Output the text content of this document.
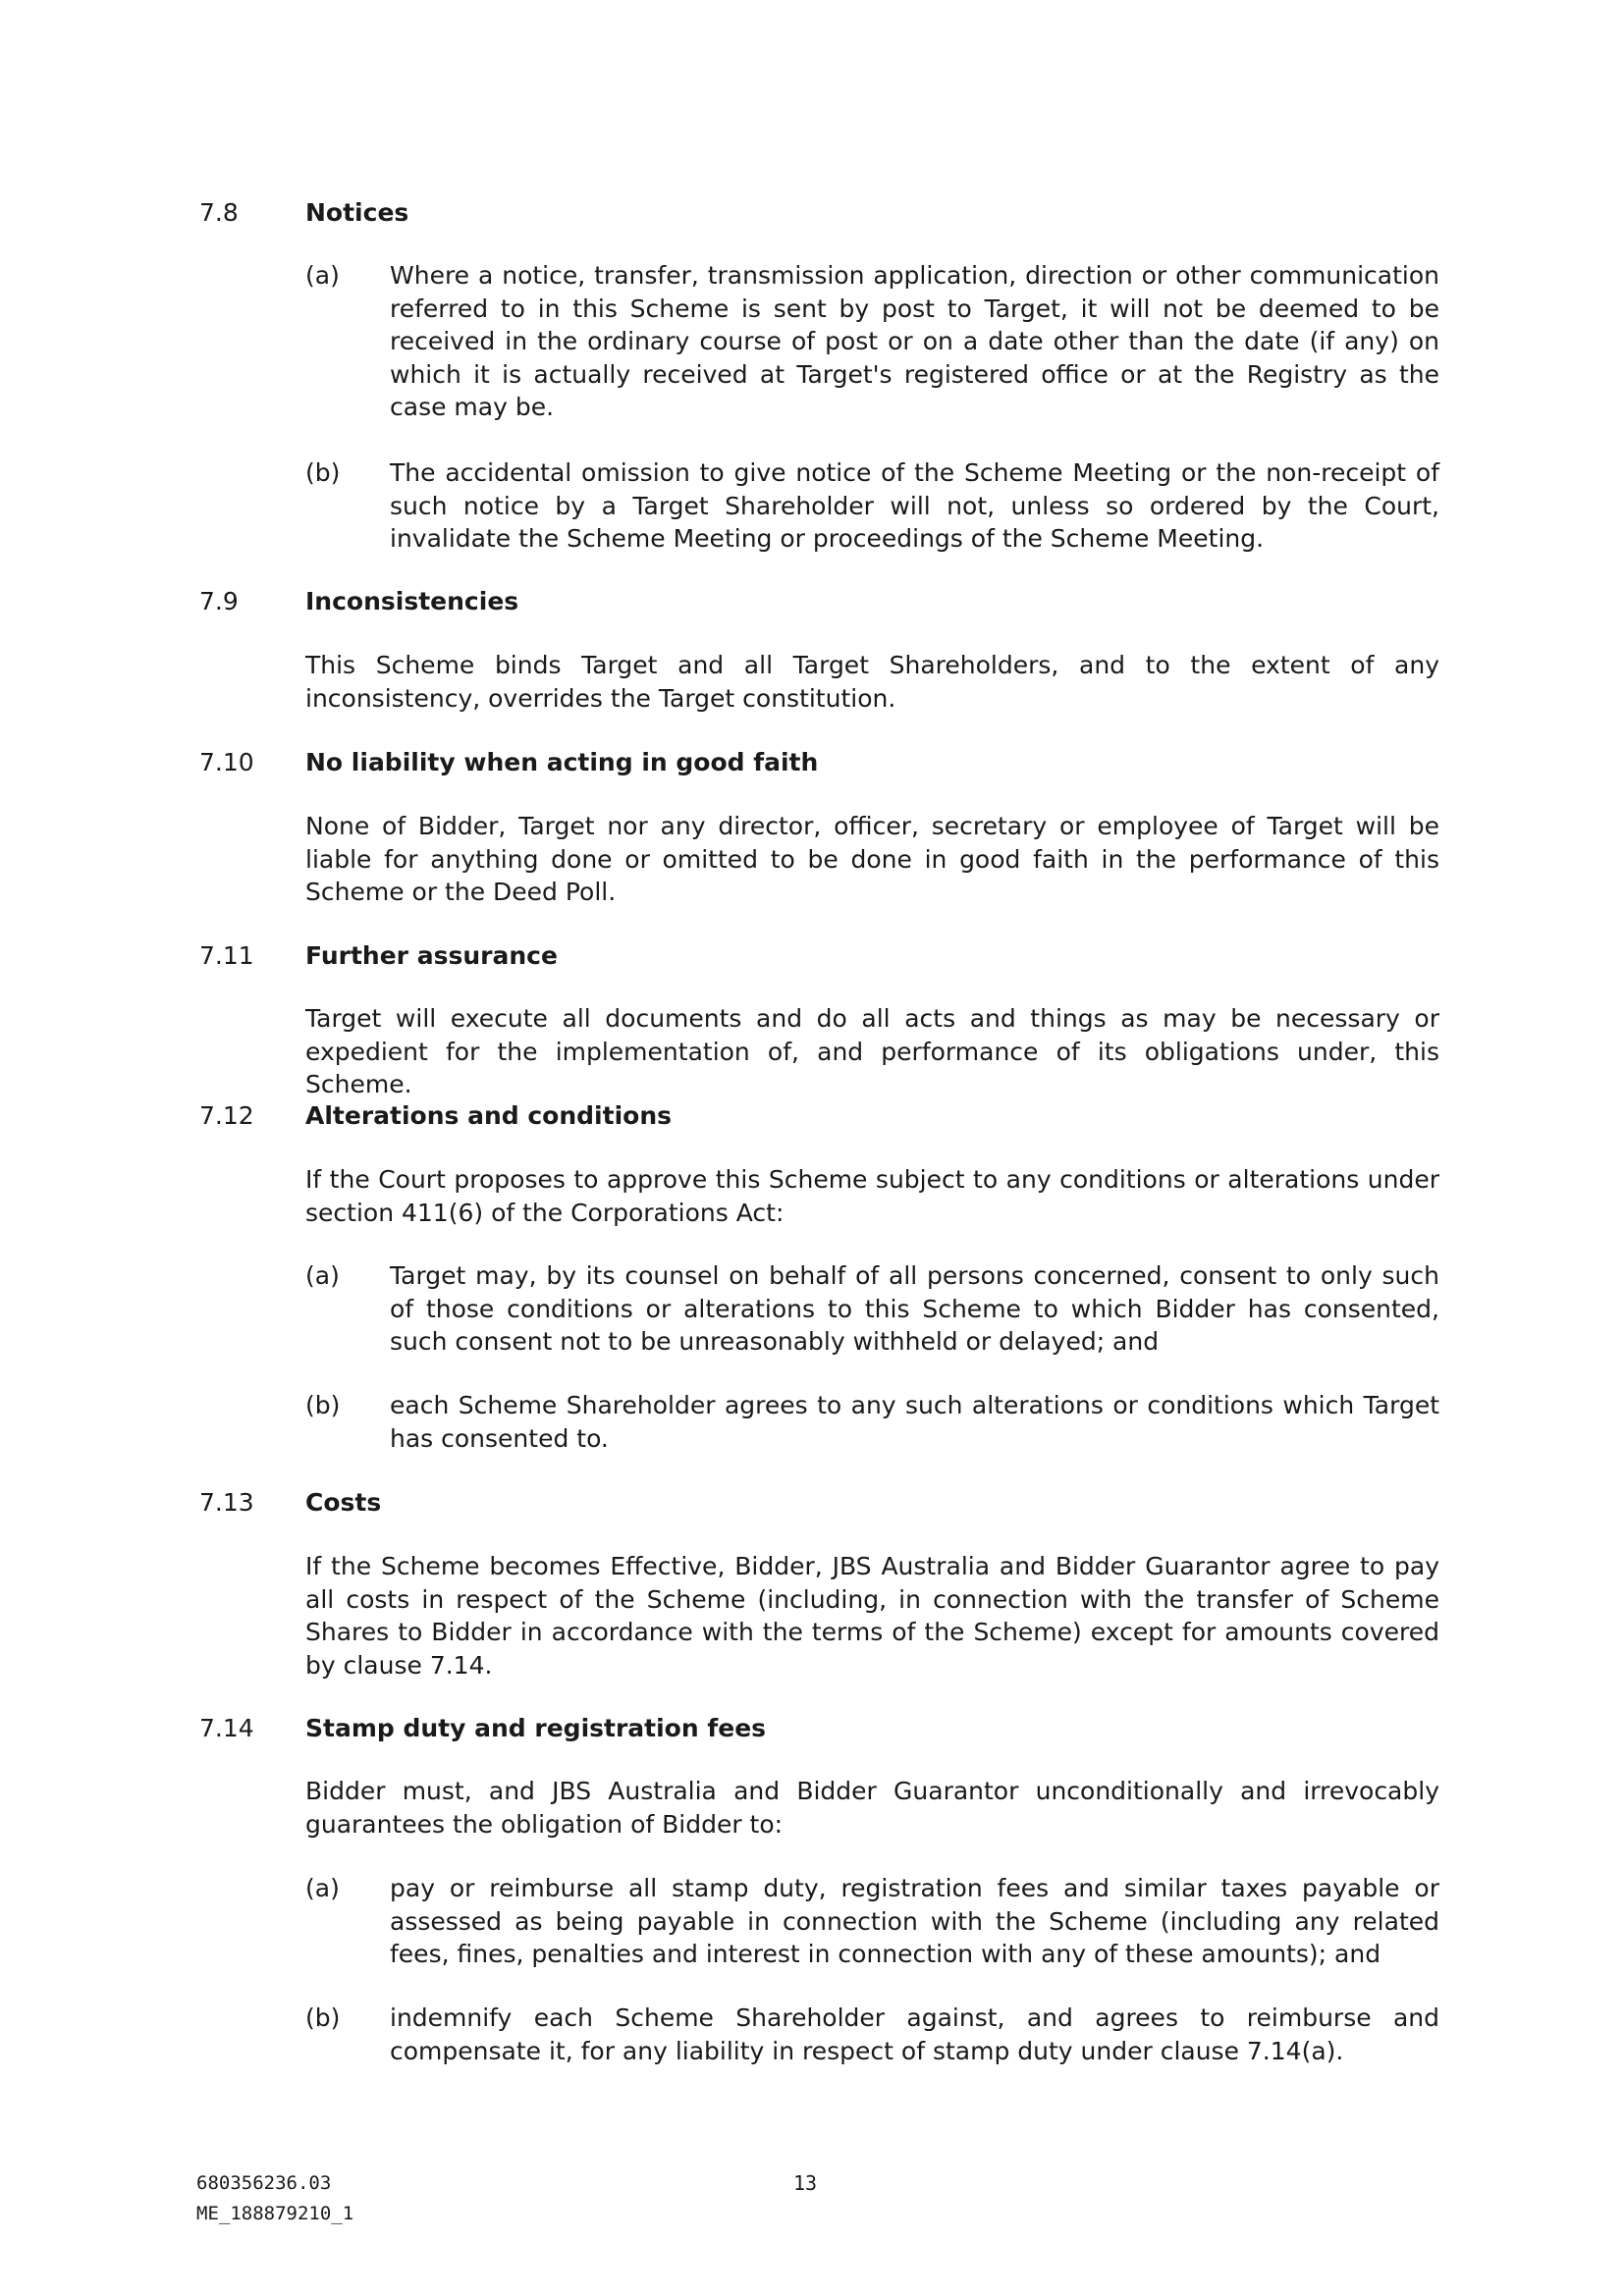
7.8	Notices
(a) Where a notice, transfer, transmission application, direction or other communication referred to in this Scheme is sent by post to Target, it will not be deemed to be received in the ordinary course of post or on a date other than the date (if any) on which it is actually received at Target's registered office or at the Registry as the case may be.

(b) The accidental omission to give notice of the Scheme Meeting or the non-receipt of such notice by a Target Shareholder will not, unless so ordered by the Court, invalidate the Scheme Meeting or proceedings of the Scheme Meeting.

7.9	Inconsistencies

This Scheme binds Target and all Target Shareholders, and to the extent of any inconsistency, overrides the Target constitution.

7.10 No liability when acting in good faith

None of Bidder, Target nor any director, officer, secretary or employee of Target will be liable for anything done or omitted to be done in good faith in the performance of this Scheme or the Deed Poll.

7.11 Further assurance

Target will execute all documents and do all acts and things as may be necessary or expedient for the implementation of, and performance of its obligations under, this Scheme.

7.12 Alterations and conditions

If the Court proposes to approve this Scheme subject to any conditions or alterations under section 411(6) of the Corporations Act:

(a) Target may, by its counsel on behalf of all persons concerned, consent to only such of those conditions or alterations to this Scheme to which Bidder has consented, such consent not to be unreasonably withheld or delayed; and

(b) each Scheme Shareholder agrees to any such alterations or conditions which Target has consented to.

7.13 Costs

If the Scheme becomes Effective, Bidder, JBS Australia and Bidder Guarantor agree to pay all costs in respect of the Scheme (including, in connection with the transfer of Scheme Shares to Bidder in accordance with the terms of the Scheme) except for amounts covered by clause 7.14.

7.14 Stamp duty and registration fees

Bidder must, and JBS Australia and Bidder Guarantor unconditionally and irrevocably guarantees the obligation of Bidder to:

(a) pay or reimburse all stamp duty, registration fees and similar taxes payable or assessed as being payable in connection with the Scheme (including any related fees, fines, penalties and interest in connection with any of these amounts); and

(b) indemnify each Scheme Shareholder against, and agrees to reimburse and compensate it, for any liability in respect of stamp duty under clause 7.14(a).

680356236.03
ME_188879210_1
13
